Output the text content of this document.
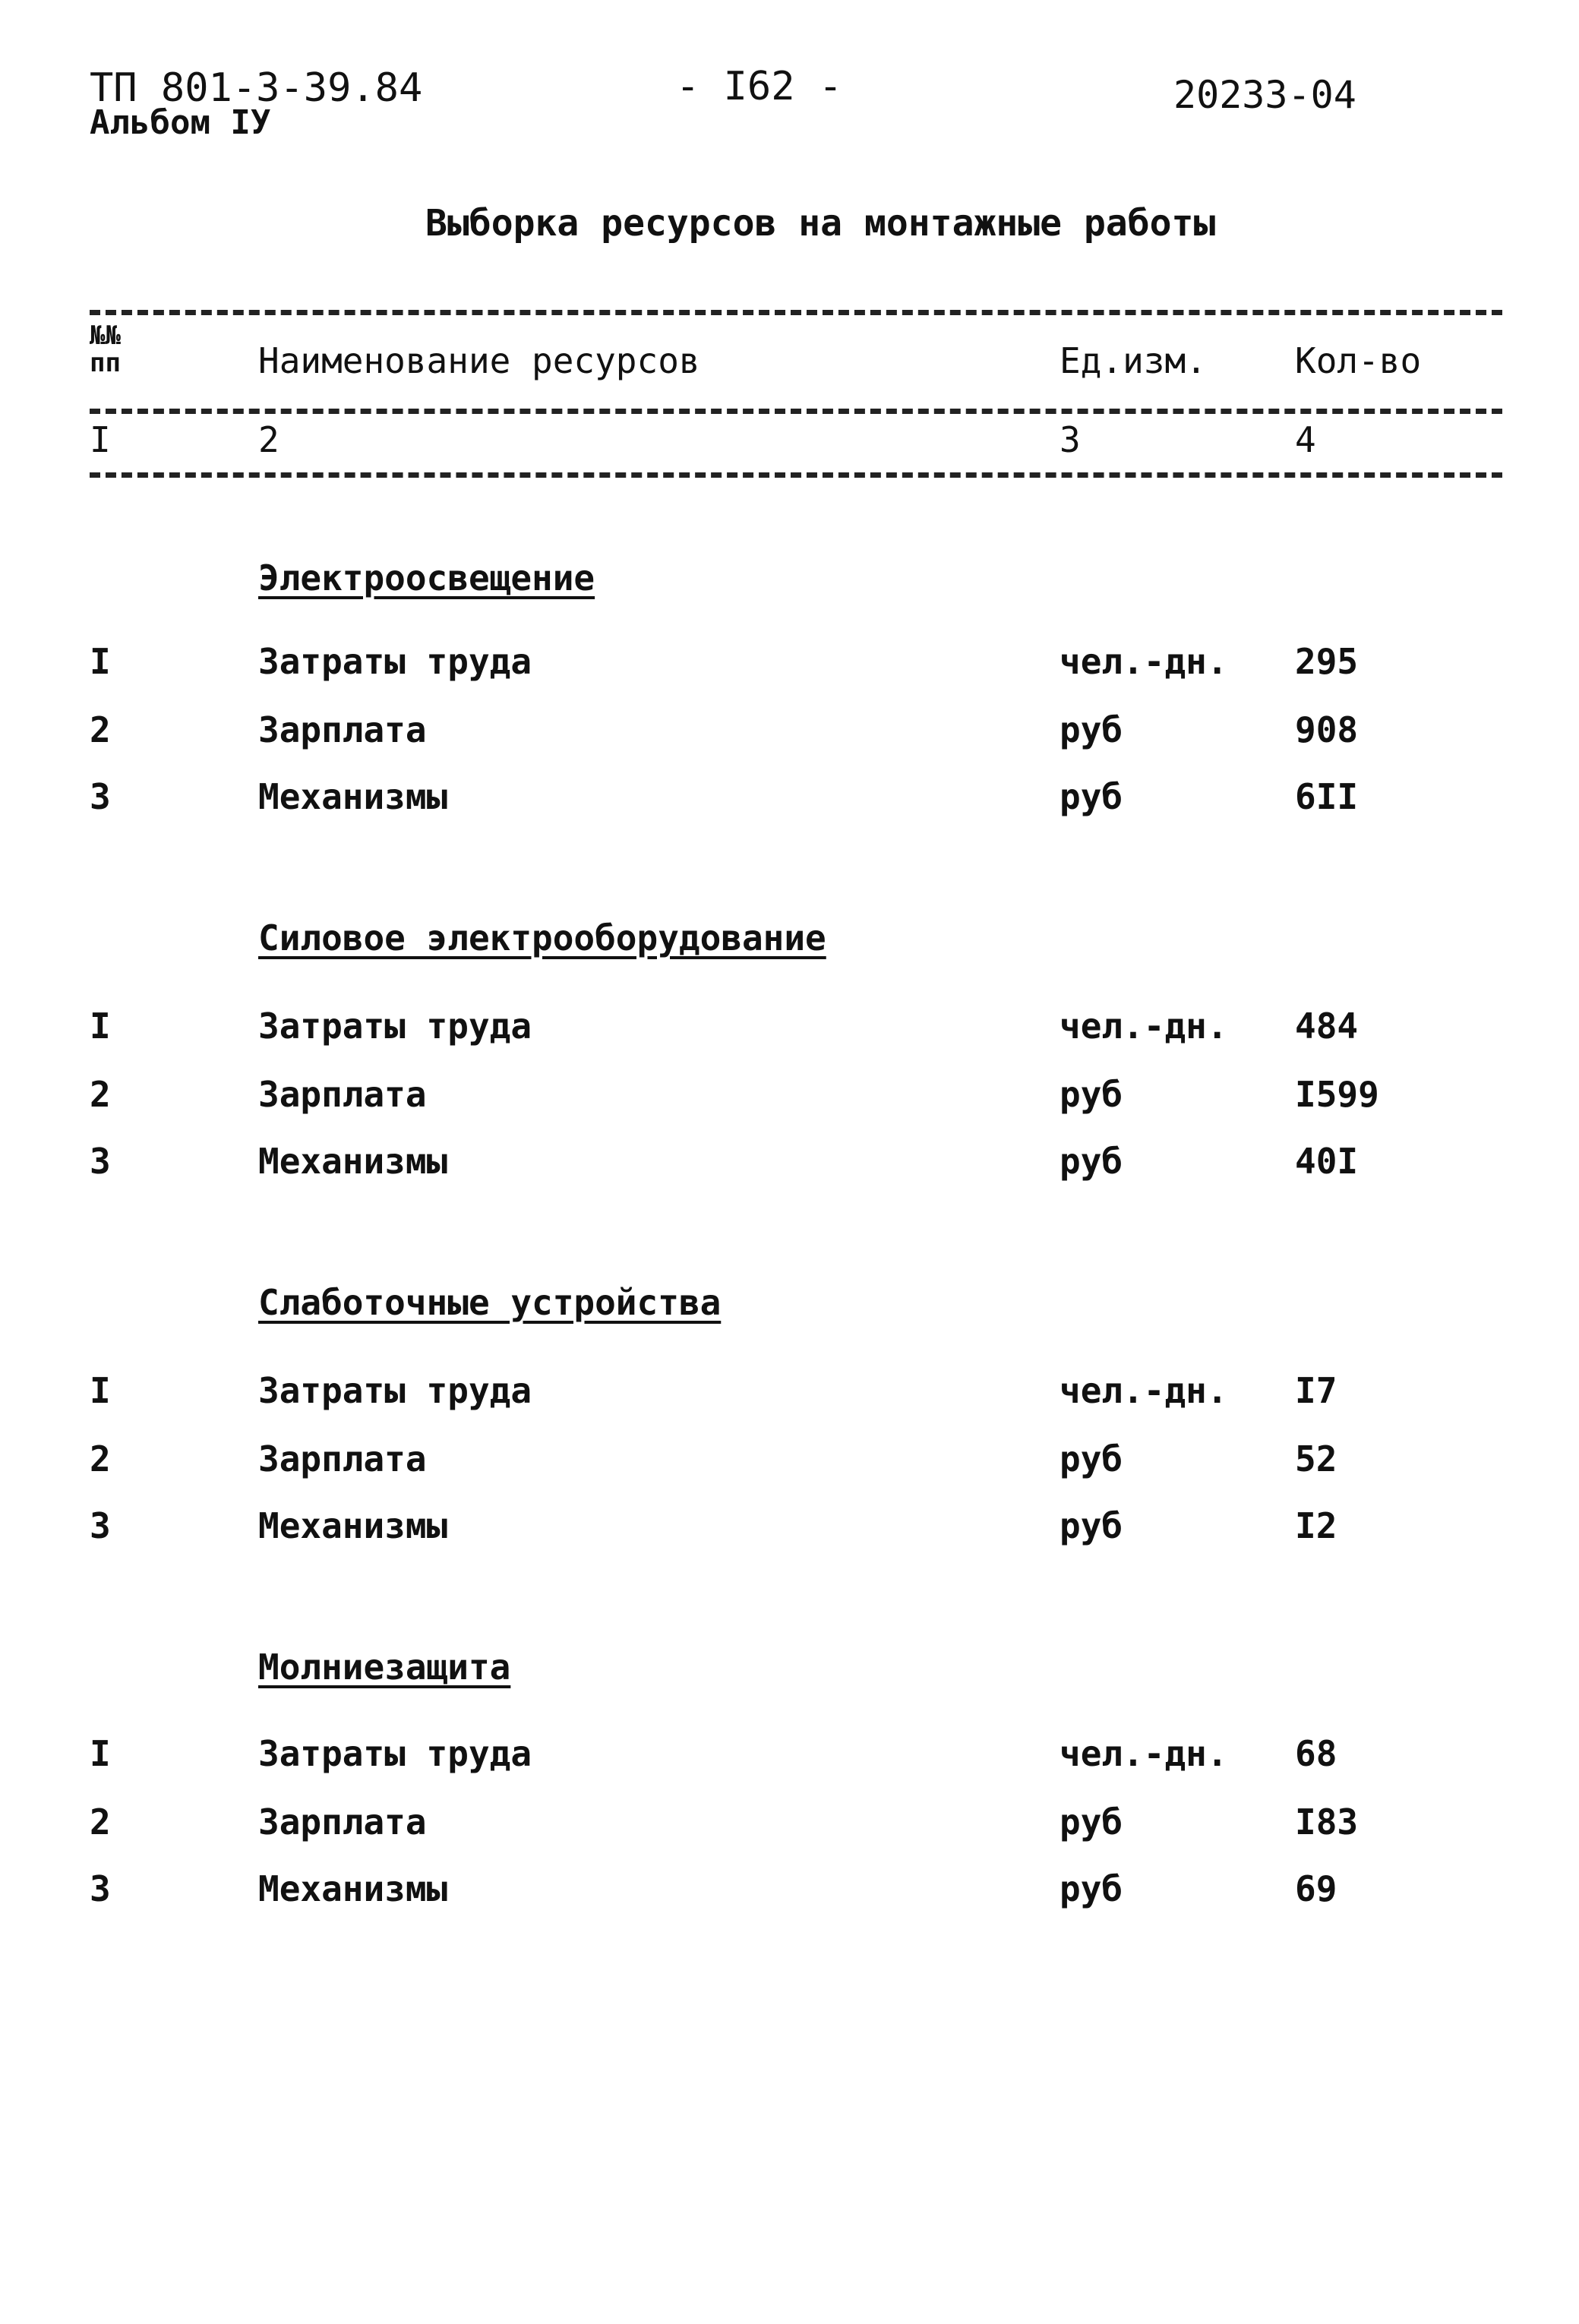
ТП 801-3-39.84
Альбом IУ
- I62 -	20233-04
Выборка ресурсов на монтажные работы
№№ пп	Наименование ресурсов	Ед.изм.	Кол-во
I	2	3	4
Электроосвещение
I	Затраты труда	чел.-дн. 295
2	Зарплата	руб	908
3	Механизмы	руб	6II
Силовое электрооборудование
I	Затраты труда	чел.-дн. 484
2	Зарплата	руб	I599
3	Механизмы	руб	40I
Слаботочные устройства
I	Затраты труда	чел.-дн. I7
2	Зарплата	руб	52
3	Механизмы	руб	I2
Молниезащита
I	Затраты труда	чел.-дн. 68
2	Зарплата	руб	I83
3	Механизмы	руб	69
